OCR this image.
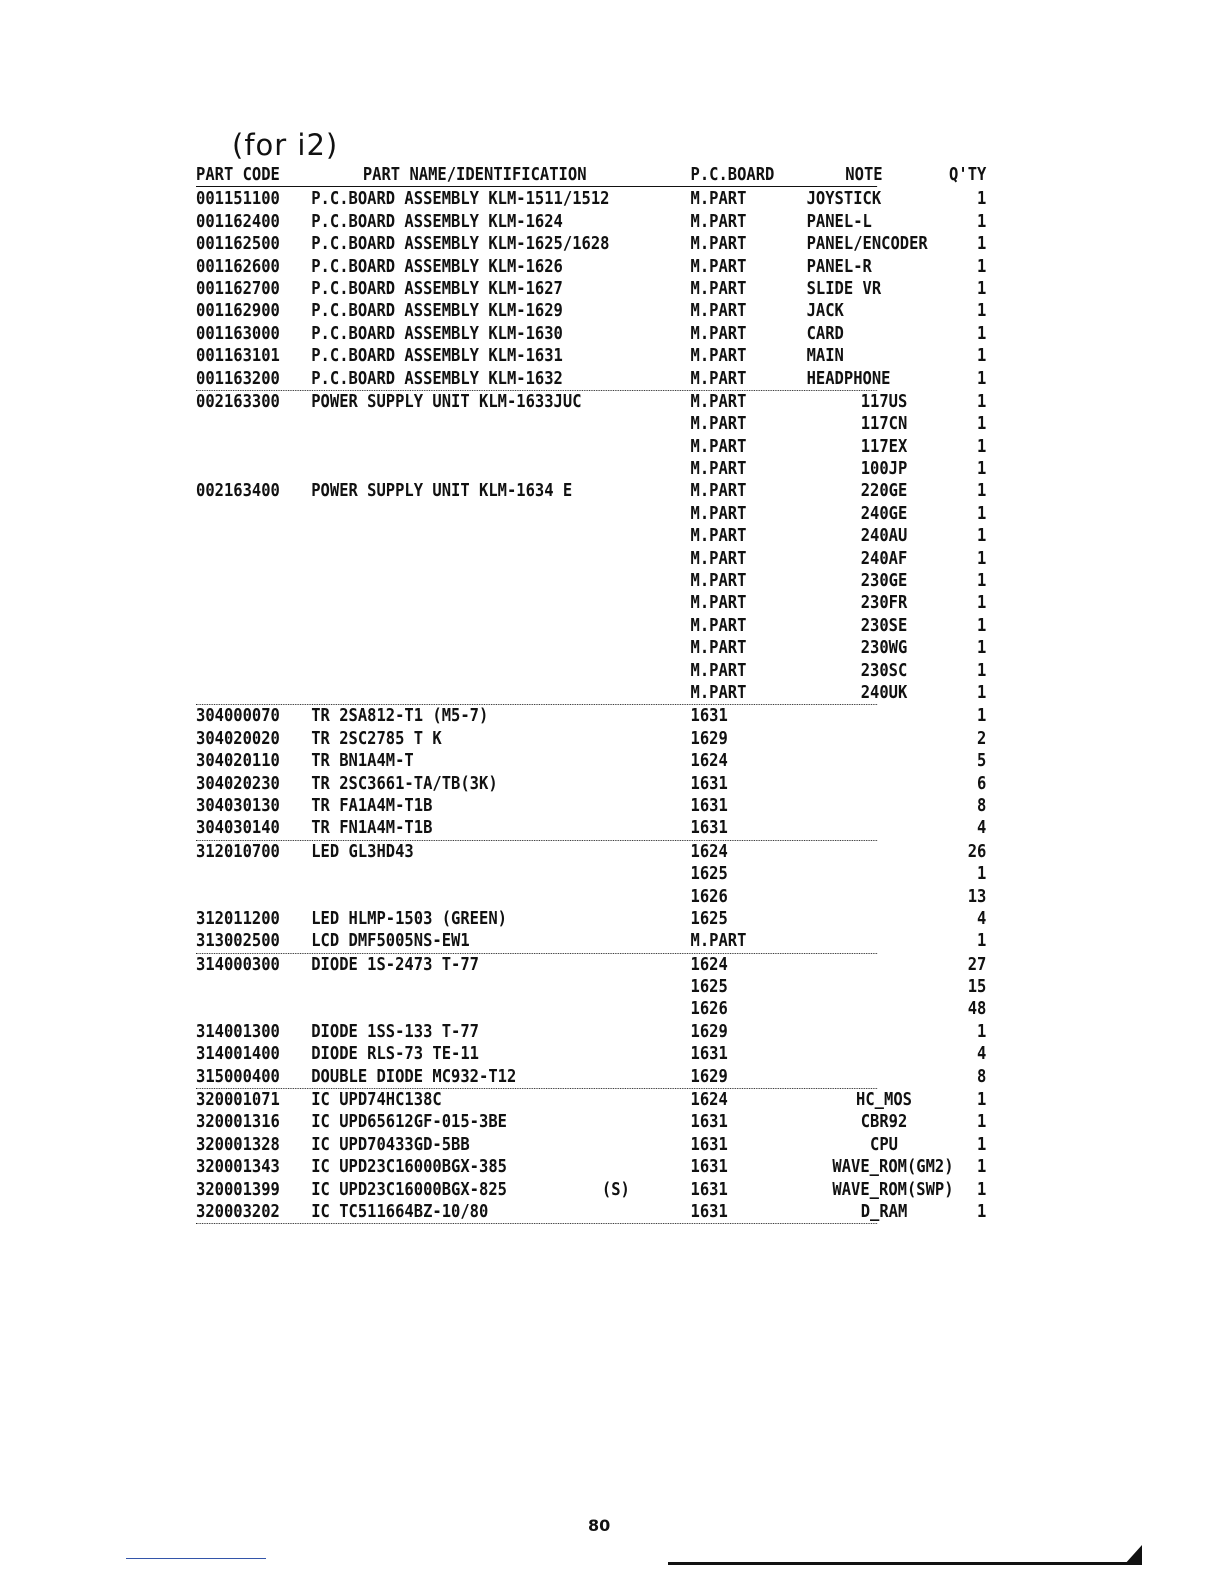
(for i2)
PART CODE	PART NAME/IDENTIFICATION	P.C.BOARD	NOTE	Q'TY
001151100 P.C.BOARD ASSEMBLY KLM-1511/1512	M.PART	JOYSTICK	1
001162400 P.C.BOARD ASSEMBLY KLM-1624	M.PART	PANEL-L	1
001162500 P.C.BOARD ASSEMBLY KLM-1625/1628	M.PART	PANEL/ENCODER	1
001162600 P.C.BOARD ASSEMBLY KLM-1626	M.PART	PANEL-R	1
001162700 P.C.BOARD ASSEMBLY KLM-1627	M.PART	SLIDE VR	1
001162900 P.C.BOARD ASSEMBLY KLM-1629	M.PART	JACK	1
001163000 P.C.BOARD ASSEMBLY KLM-1630	M.PART	CARD	1
001163101 P.C.BOARD ASSEMBLY KLM-1631	M.PART	MAIN	1
001163200 P.C.BOARD ASSEMBLY KLM-1632	M.PART	HEADPHONE	1
002163300 POWER SUPPLY UNIT KLM-1633JUC	M.PART	117US	1
M.PART	117CN	1
M.PART	117EX	1
M.PART	100JP	1
002163400 POWER SUPPLY UNIT KLM-1634 E	M.PART	220GE	1
M.PART	240GE	1
M.PART	240AU	1
M.PART	240AF	1
M.PART	230GE	1
M.PART	230FR	1
M.PART	230SE	1
M.PART	230WG	1
M.PART	230SC	1
M.PART	240UK	1
304000070 TR 2SA812-T1 (M5-7)	1631	1
304020020 TR 2SC2785 T K	1629	2
304020110 TR BN1A4M-T	1624	5
304020230 TR 2SC3661-TA/TB(3K)	1631	6
304030130 TR FA1A4M-T1B	1631	8
304030140 TR FN1A4M-T1B	1631	4
312010700 LED GL3HD43	1624	26
1625	1
1626	13
312011200 LED HLMP-1503 (GREEN)	1625	4
313002500 LCD DMF5005NS-EW1	M.PART	1
314000300 DIODE 1S-2473 T-77	1624	27
1625	15
1626	48
314001300 DIODE 1SS-133 T-77	1629	1
314001400 DIODE RLS-73 TE-11	1631	4
315000400 DOUBLE DIODE MC932-T12	1629	8
320001071 IC UPD74HC138C	1624	HC_MOS	1
320001316 IC UPD65612GF-015-3BE	1631	CBR92	1
320001328 IC UPD70433GD-5BB	1631	CPU	1
320001343 IC UPD23C16000BGX-385	1631	WAVE_ROM(GM2) 1
320001399 IC UPD23C16000BGX-825	(S)	1631	WAVE_ROM(SWP) 1
320003202 IC TC511664BZ-10/80	1631	D_RAM	1
80
